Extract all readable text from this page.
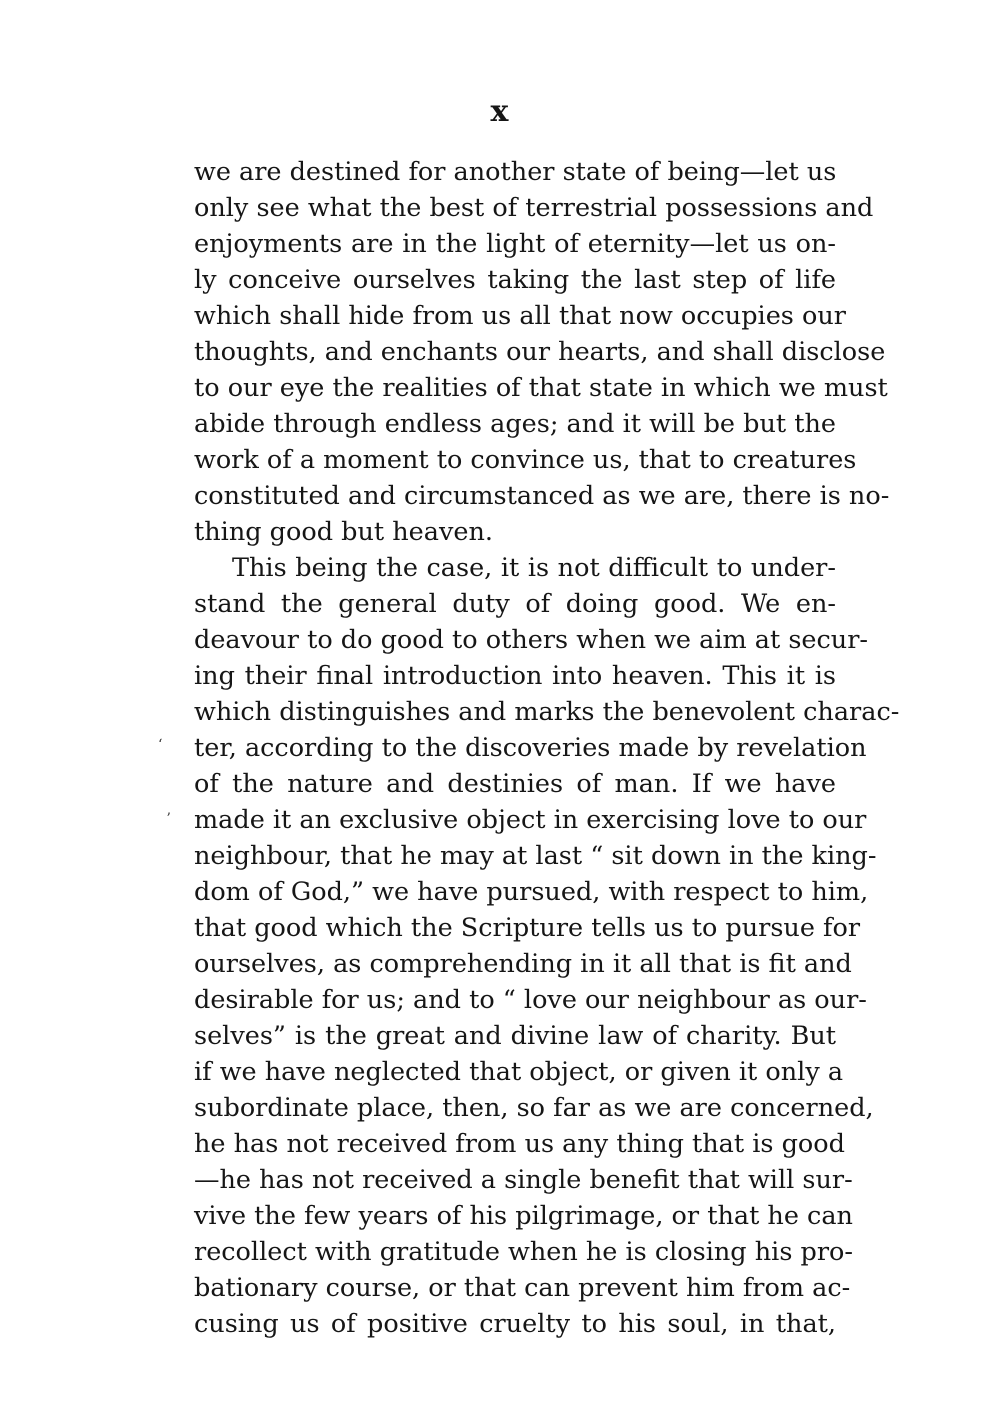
x
we are destined for another state of being—let us
only see what the best of terrestrial possessions and
enjoyments are in the light of eternity—let us on-
ly conceive ourselves taking the last step of life
which shall hide from us all that now occupies our
thoughts, and enchants our hearts, and shall disclose
to our eye the realities of that state in which we must
abide through endless ages; and it will be but the
work of a moment to convince us, that to creatures
constituted and circumstanced as we are, there is no-
thing good but heaven.
This being the case, it is not difficult to under-
stand the general duty of doing good. We en-
deavour to do good to others when we aim at secur-
ing their final introduction into heaven. This it is
which distinguishes and marks the benevolent charac-
ter, according to the discoveries made by revelation
of the nature and destinies of man. If we have
made it an exclusive object in exercising love to our
neighbour, that he may at last “ sit down in the king-
dom of God,” we have pursued, with respect to him,
that good which the Scripture tells us to pursue for
ourselves, as comprehending in it all that is fit and
desirable for us; and to “ love our neighbour as our-
selves” is the great and divine law of charity. But
if we have neglected that object, or given it only a
subordinate place, then, so far as we are concerned,
he has not received from us any thing that is good
—he has not received a single benefit that will sur-
vive the few years of his pilgrimage, or that he can
recollect with gratitude when he is closing his pro-
bationary course, or that can prevent him from ac-
cusing us of positive cruelty to his soul, in that,
ʻ
ʼ
